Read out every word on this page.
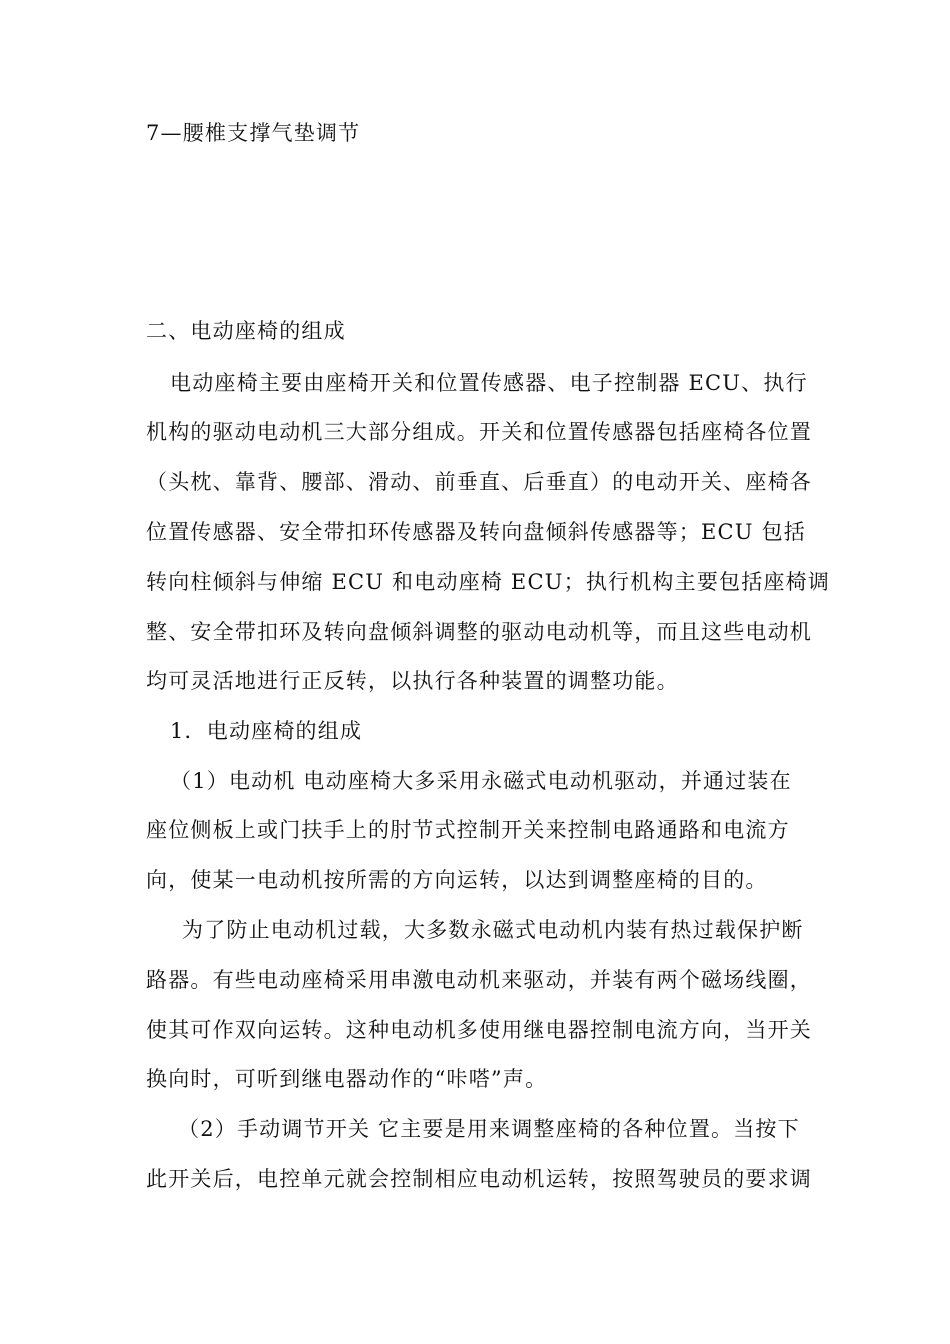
7—腰椎支撑气垫调节
二、电动座椅的组成
电动座椅主要由座椅开关和位置传感器、电子控制器 ECU、执行
机构的驱动电动机三大部分组成。开关和位置传感器包括座椅各位置
（头枕、靠背、腰部、滑动、前垂直、后垂直）的电动开关、座椅各
位置传感器、安全带扣环传感器及转向盘倾斜传感器等；ECU 包括
转向柱倾斜与伸缩 ECU 和电动座椅 ECU；执行机构主要包括座椅调
整、安全带扣环及转向盘倾斜调整的驱动电动机等，而且这些电动机
均可灵活地进行正反转，以执行各种装置的调整功能。
1．电动座椅的组成
（1）电动机 电动座椅大多采用永磁式电动机驱动，并通过装在
座位侧板上或门扶手上的肘节式控制开关来控制电路通路和电流方
向，使某一电动机按所需的方向运转，以达到调整座椅的目的。
为了防止电动机过载，大多数永磁式电动机内装有热过载保护断
路器。有些电动座椅采用串激电动机来驱动，并装有两个磁场线圈，
使其可作双向运转。这种电动机多使用继电器控制电流方向，当开关
换向时，可听到继电器动作的“咔嗒”声。
（2）手动调节开关 它主要是用来调整座椅的各种位置。当按下
此开关后，电控单元就会控制相应电动机运转，按照驾驶员的要求调
